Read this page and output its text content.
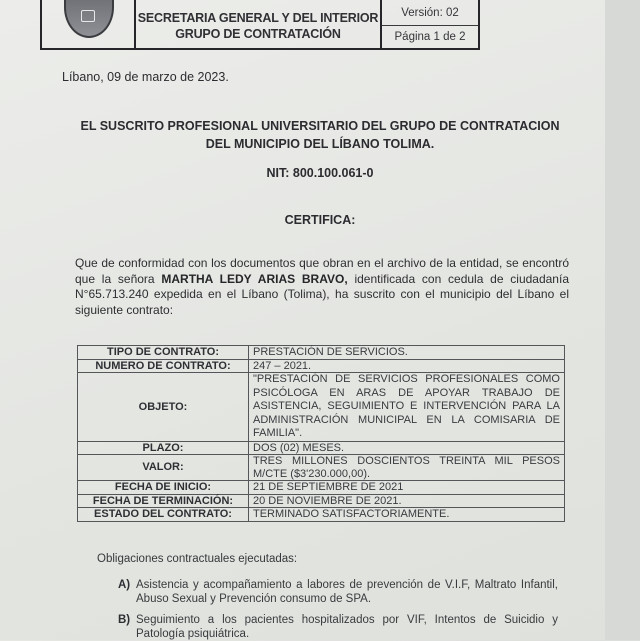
SECRETARIA GENERAL Y DEL INTERIOR
GRUPO DE CONTRATACIÓN
Versión: 02
Página 1 de 2
Líbano, 09 de marzo de 2023.
EL SUSCRITO PROFESIONAL UNIVERSITARIO DEL GRUPO DE CONTRATACION
DEL MUNICIPIO DEL LÍBANO TOLIMA.
NIT: 800.100.061-0
CERTIFICA:
Que de conformidad con los documentos que obran en el archivo de la entidad, se encontró que la señora MARTHA LEDY ARIAS BRAVO, identificada con cedula de ciudadanía N°65.713.240 expedida en el Líbano (Tolima), ha suscrito con el municipio del Líbano el siguiente contrato:
TIPO DE CONTRATO:	PRESTACIÓN DE SERVICIOS.
NUMERO DE CONTRATO:	247 – 2021.
OBJETO:	"PRESTACIÓN DE SERVICIOS PROFESIONALES COMO PSICÓLOGA EN ARAS DE APOYAR TRABAJO DE ASISTENCIA, SEGUIMIENTO E INTERVENCIÓN PARA LA ADMINISTRACIÓN MUNICIPAL EN LA COMISARIA DE FAMILIA".
PLAZO:	DOS (02) MESES.
VALOR:	TRES MILLONES DOSCIENTOS TREINTA MIL PESOS M/CTE ($3'230.000,00).
FECHA DE INICIO:	21 DE SEPTIEMBRE DE 2021
FECHA DE TERMINACIÓN:	20 DE NOVIEMBRE DE 2021.
ESTADO DEL CONTRATO:	TERMINADO SATISFACTORIAMENTE.
Obligaciones contractuales ejecutadas:
A) Asistencia y acompañamiento a labores de prevención de V.I.F, Maltrato Infantil, Abuso Sexual y Prevención consumo de SPA.
B) Seguimiento a los pacientes hospitalizados por VIF, Intentos de Suicidio y Patología psiquiátrica.
